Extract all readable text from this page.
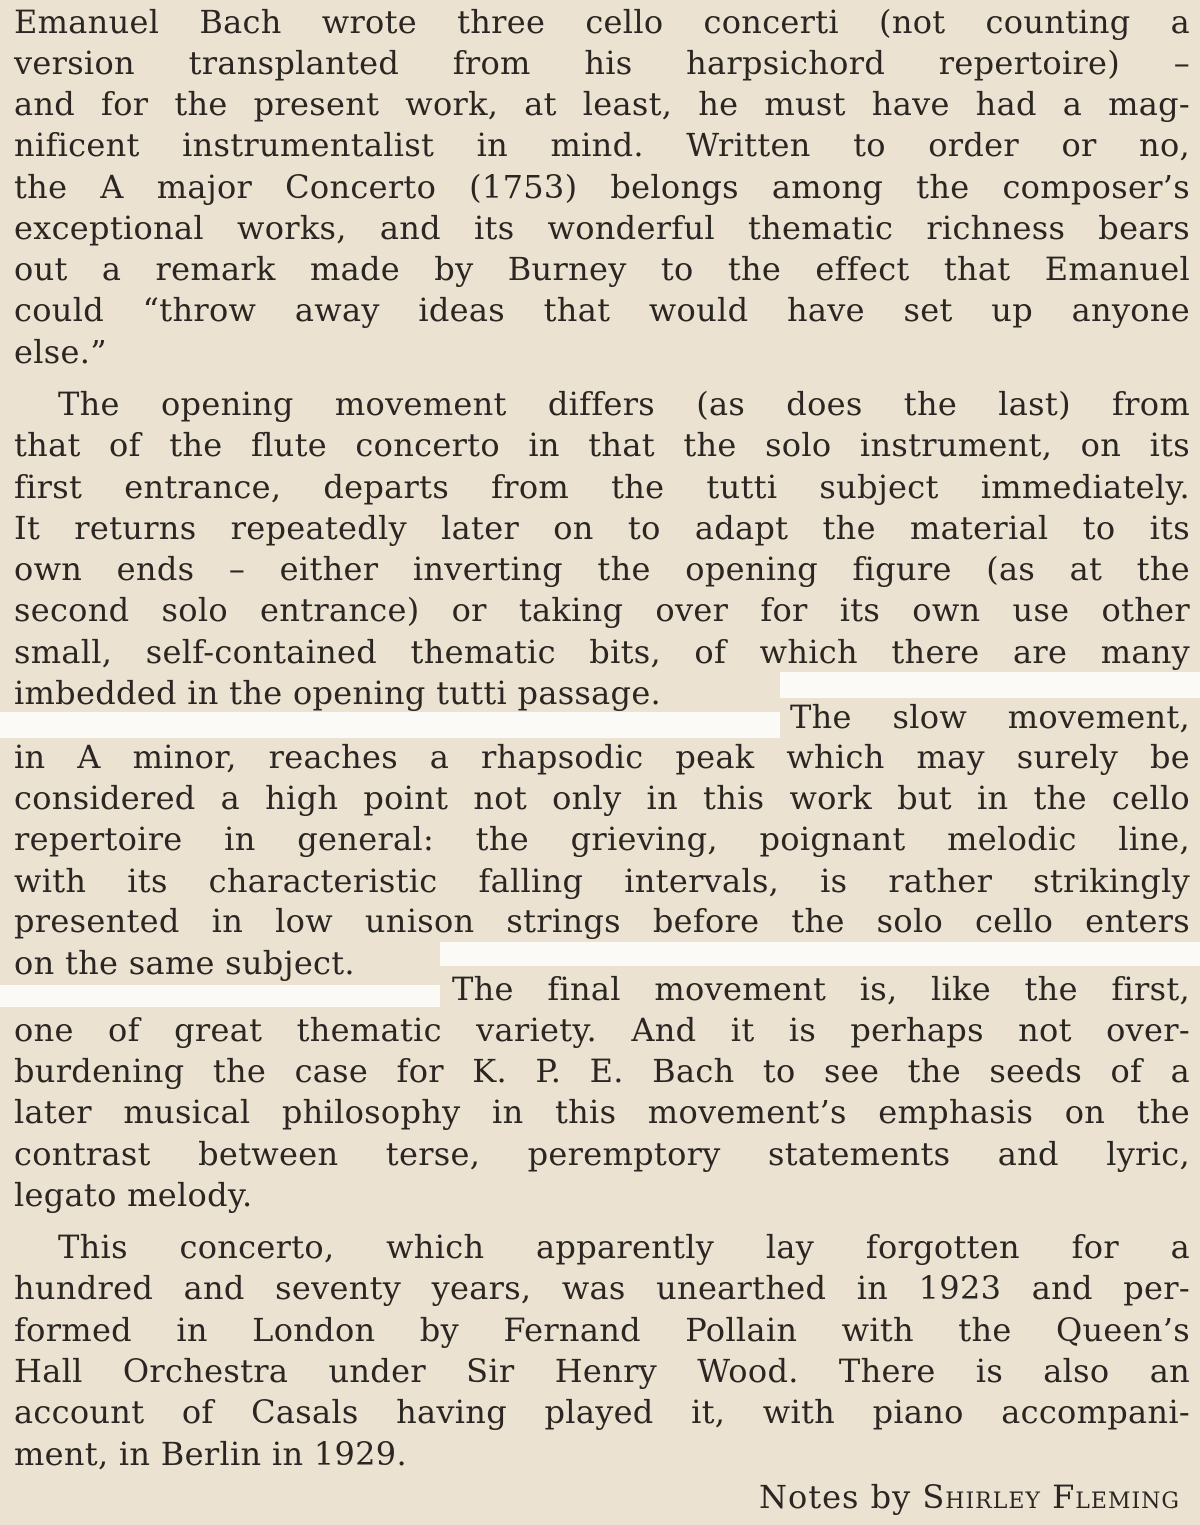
Emanuel Bach wrote three cello concerti (not counting a
version transplanted from his harpsichord repertoire) –
and for the present work, at least, he must have had a mag-
nificent instrumentalist in mind. Written to order or no,
the A major Concerto (1753) belongs among the composer’s
exceptional works, and its wonderful thematic richness bears
out a remark made by Burney to the effect that Emanuel
could “throw away ideas that would have set up anyone
else.”
The opening movement differs (as does the last) from
that of the flute concerto in that the solo instrument, on its
first entrance, departs from the tutti subject immediately.
It returns repeatedly later on to adapt the material to its
own ends – either inverting the opening figure (as at the
second solo entrance) or taking over for its own use other
small, self-contained thematic bits, of which there are many
imbedded in the opening tutti passage.
The slow movement,
in A minor, reaches a rhapsodic peak which may surely be
considered a high point not only in this work but in the cello
repertoire in general: the grieving, poignant melodic line,
with its characteristic falling intervals, is rather strikingly
presented in low unison strings before the solo cello enters
on the same subject.
The final movement is, like the first,
one of great thematic variety. And it is perhaps not over-
burdening the case for K. P. E. Bach to see the seeds of a
later musical philosophy in this movement’s emphasis on the
contrast between terse, peremptory statements and lyric,
legato melody.
This concerto, which apparently lay forgotten for a
hundred and seventy years, was unearthed in 1923 and per-
formed in London by Fernand Pollain with the Queen’s
Hall Orchestra under Sir Henry Wood. There is also an
account of Casals having played it, with piano accompani-
ment, in Berlin in 1929.
Notes by Shirley Fleming
